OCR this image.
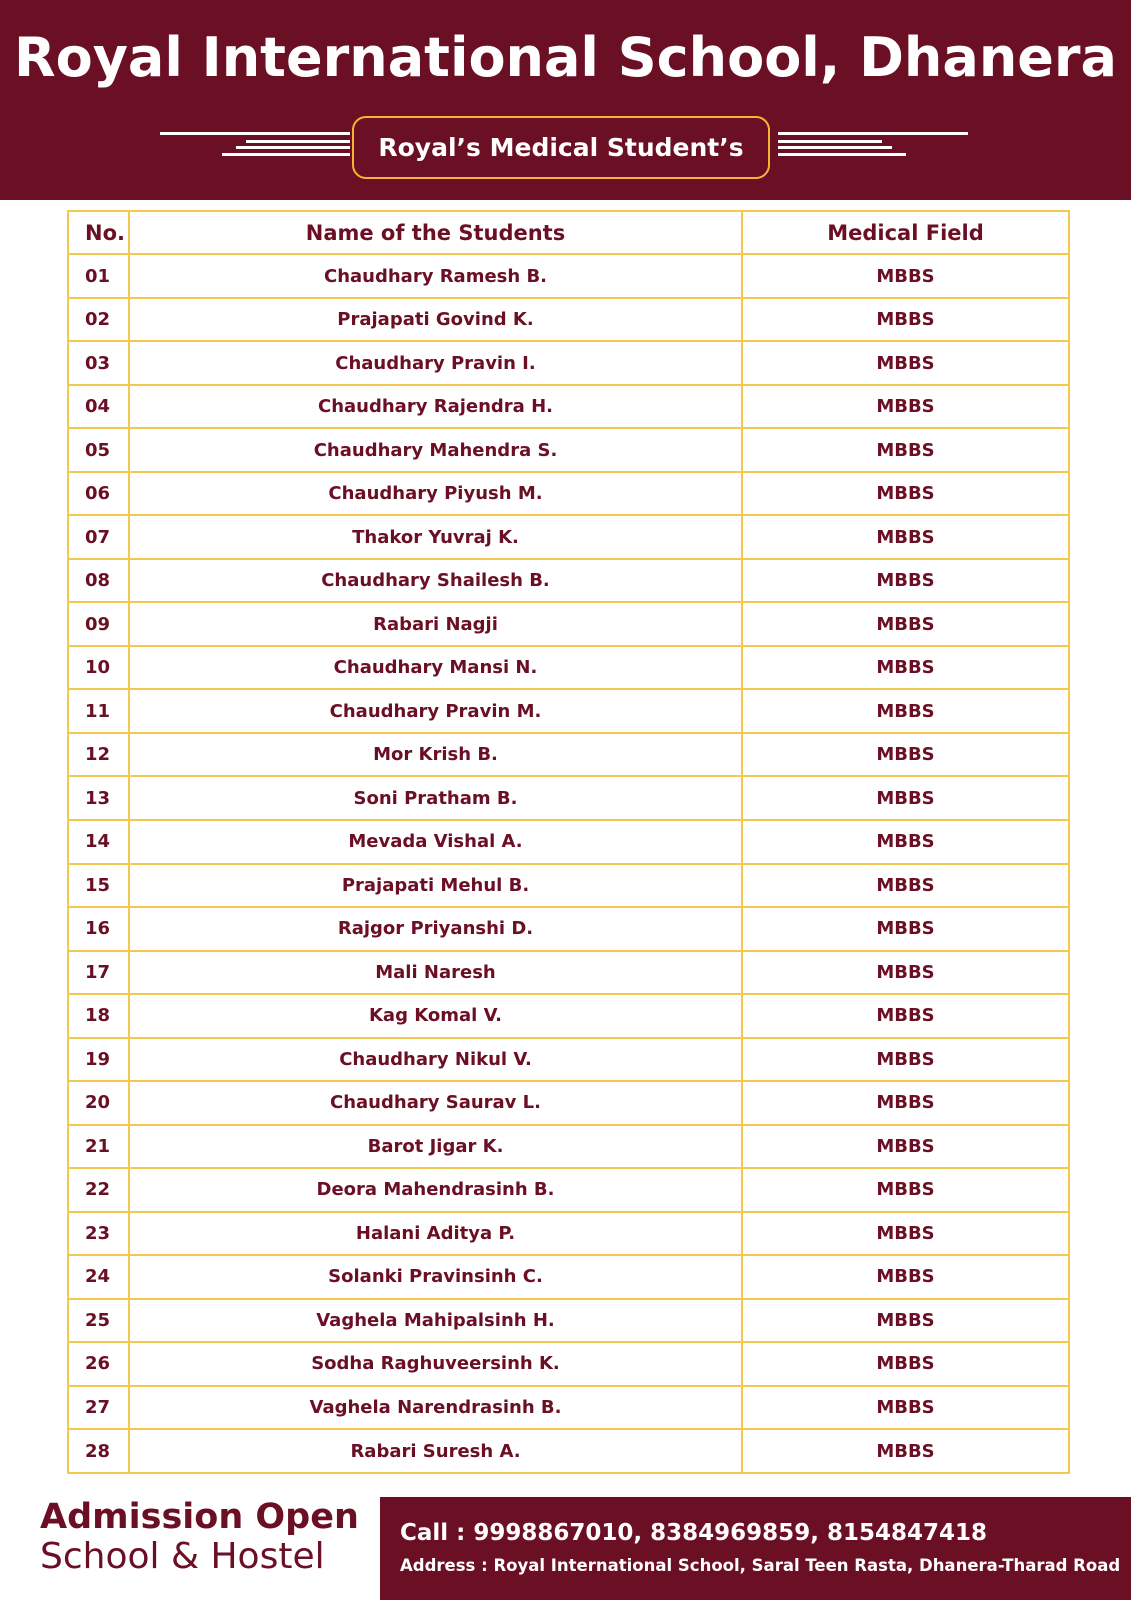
Royal International School, Dhanera
Royal’s Medical Student’s
No.	Name of the Students	Medical Field
01	Chaudhary Ramesh B.	MBBS
02	Prajapati Govind K.	MBBS
03	Chaudhary Pravin I.	MBBS
04	Chaudhary Rajendra H.	MBBS
05	Chaudhary Mahendra S.	MBBS
06	Chaudhary Piyush M.	MBBS
07	Thakor Yuvraj K.	MBBS
08	Chaudhary Shailesh B.	MBBS
09	Rabari Nagji	MBBS
10	Chaudhary Mansi N.	MBBS
11	Chaudhary Pravin M.	MBBS
12	Mor Krish B.	MBBS
13	Soni Pratham B.	MBBS
14	Mevada Vishal A.	MBBS
15	Prajapati Mehul B.	MBBS
16	Rajgor Priyanshi D.	MBBS
17	Mali Naresh	MBBS
18	Kag Komal V.	MBBS
19	Chaudhary Nikul V.	MBBS
20	Chaudhary Saurav L.	MBBS
21	Barot Jigar K.	MBBS
22	Deora Mahendrasinh B.	MBBS
23	Halani Aditya P.	MBBS
24	Solanki Pravinsinh C.	MBBS
25	Vaghela Mahipalsinh H.	MBBS
26	Sodha Raghuveersinh K.	MBBS
27	Vaghela Narendrasinh B.	MBBS
28	Rabari Suresh A.	MBBS
Admission Open
School & Hostel
Call : 9998867010, 8384969859, 8154847418
Address : Royal International School, Saral Teen Rasta, Dhanera-Tharad Road
